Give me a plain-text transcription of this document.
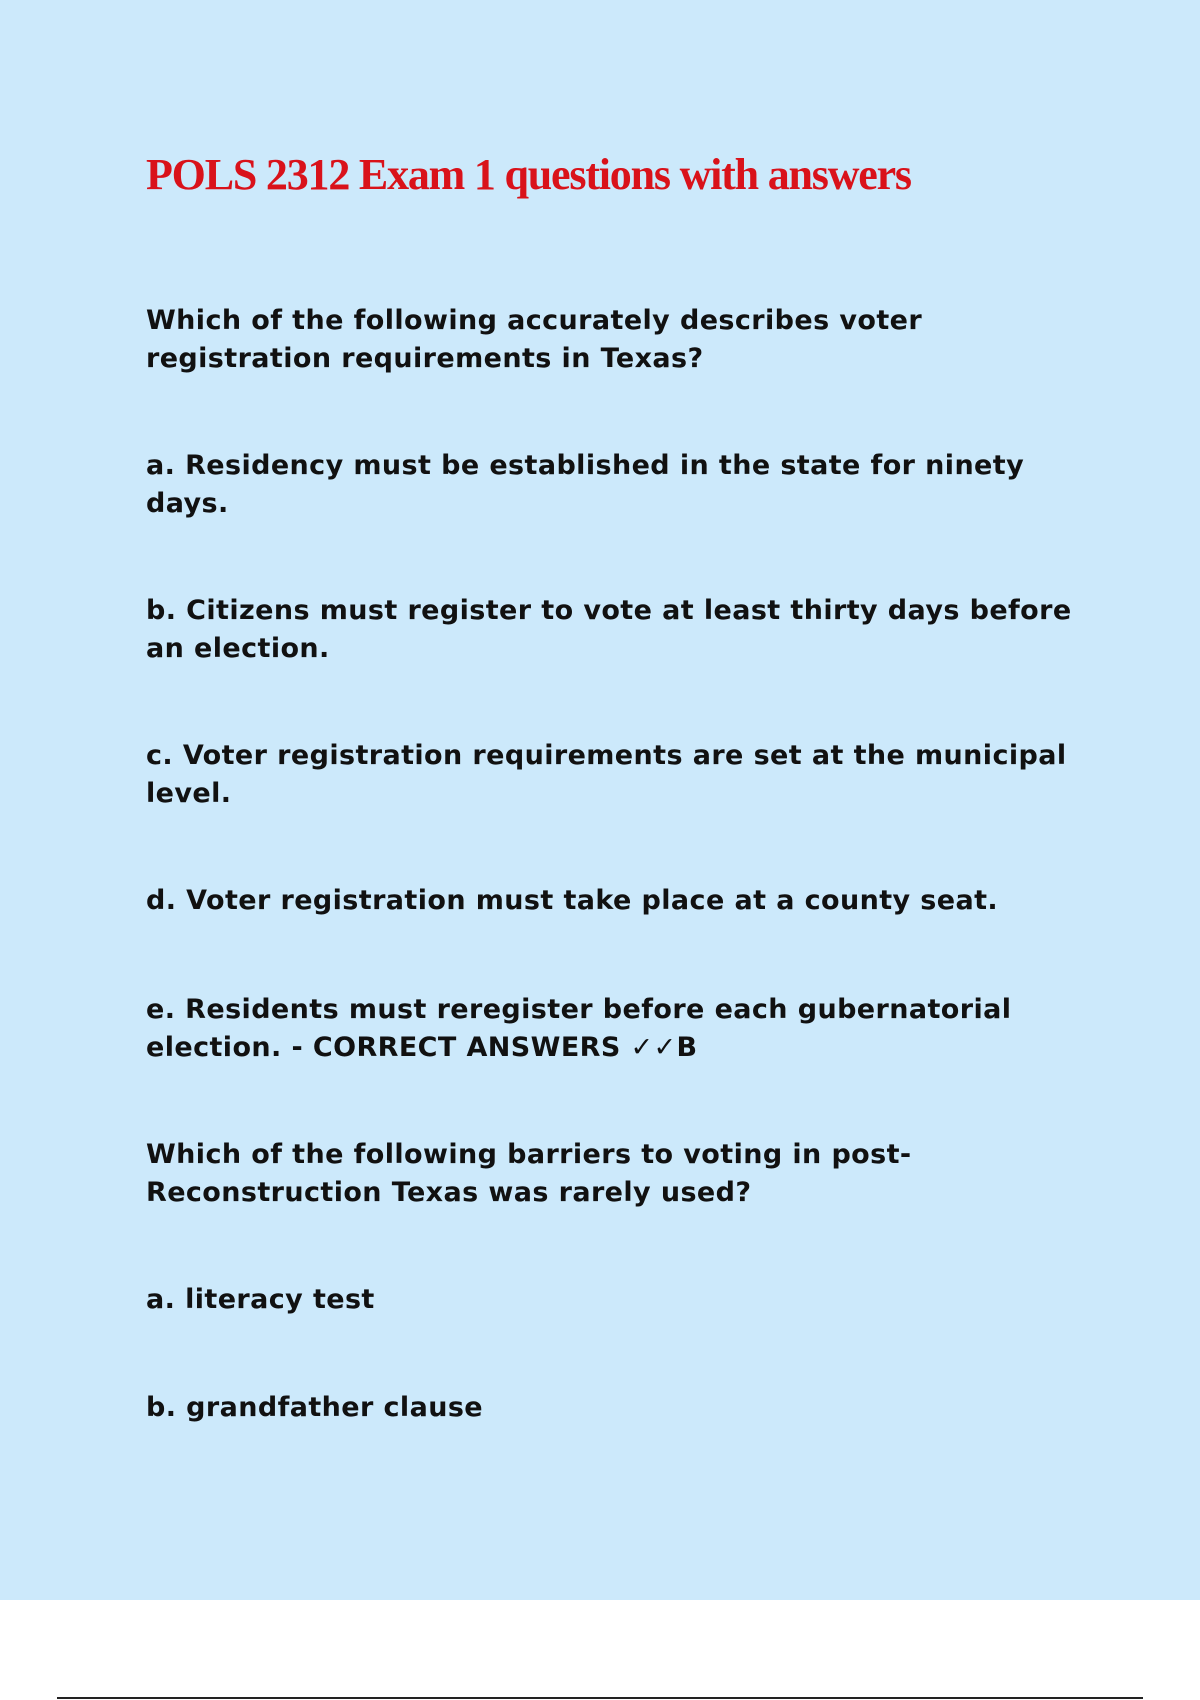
POLS 2312 Exam 1 questions with answers

Which of the following accurately describes voter registration requirements in Texas?

a. Residency must be established in the state for ninety days.

b. Citizens must register to vote at least thirty days before an election.

c. Voter registration requirements are set at the municipal level.

d. Voter registration must take place at a county seat.

e. Residents must reregister before each gubernatorial election. - CORRECT ANSWERS ✓✓B

Which of the following barriers to voting in post-Reconstruction Texas was rarely used?

a. literacy test

b. grandfather clause
